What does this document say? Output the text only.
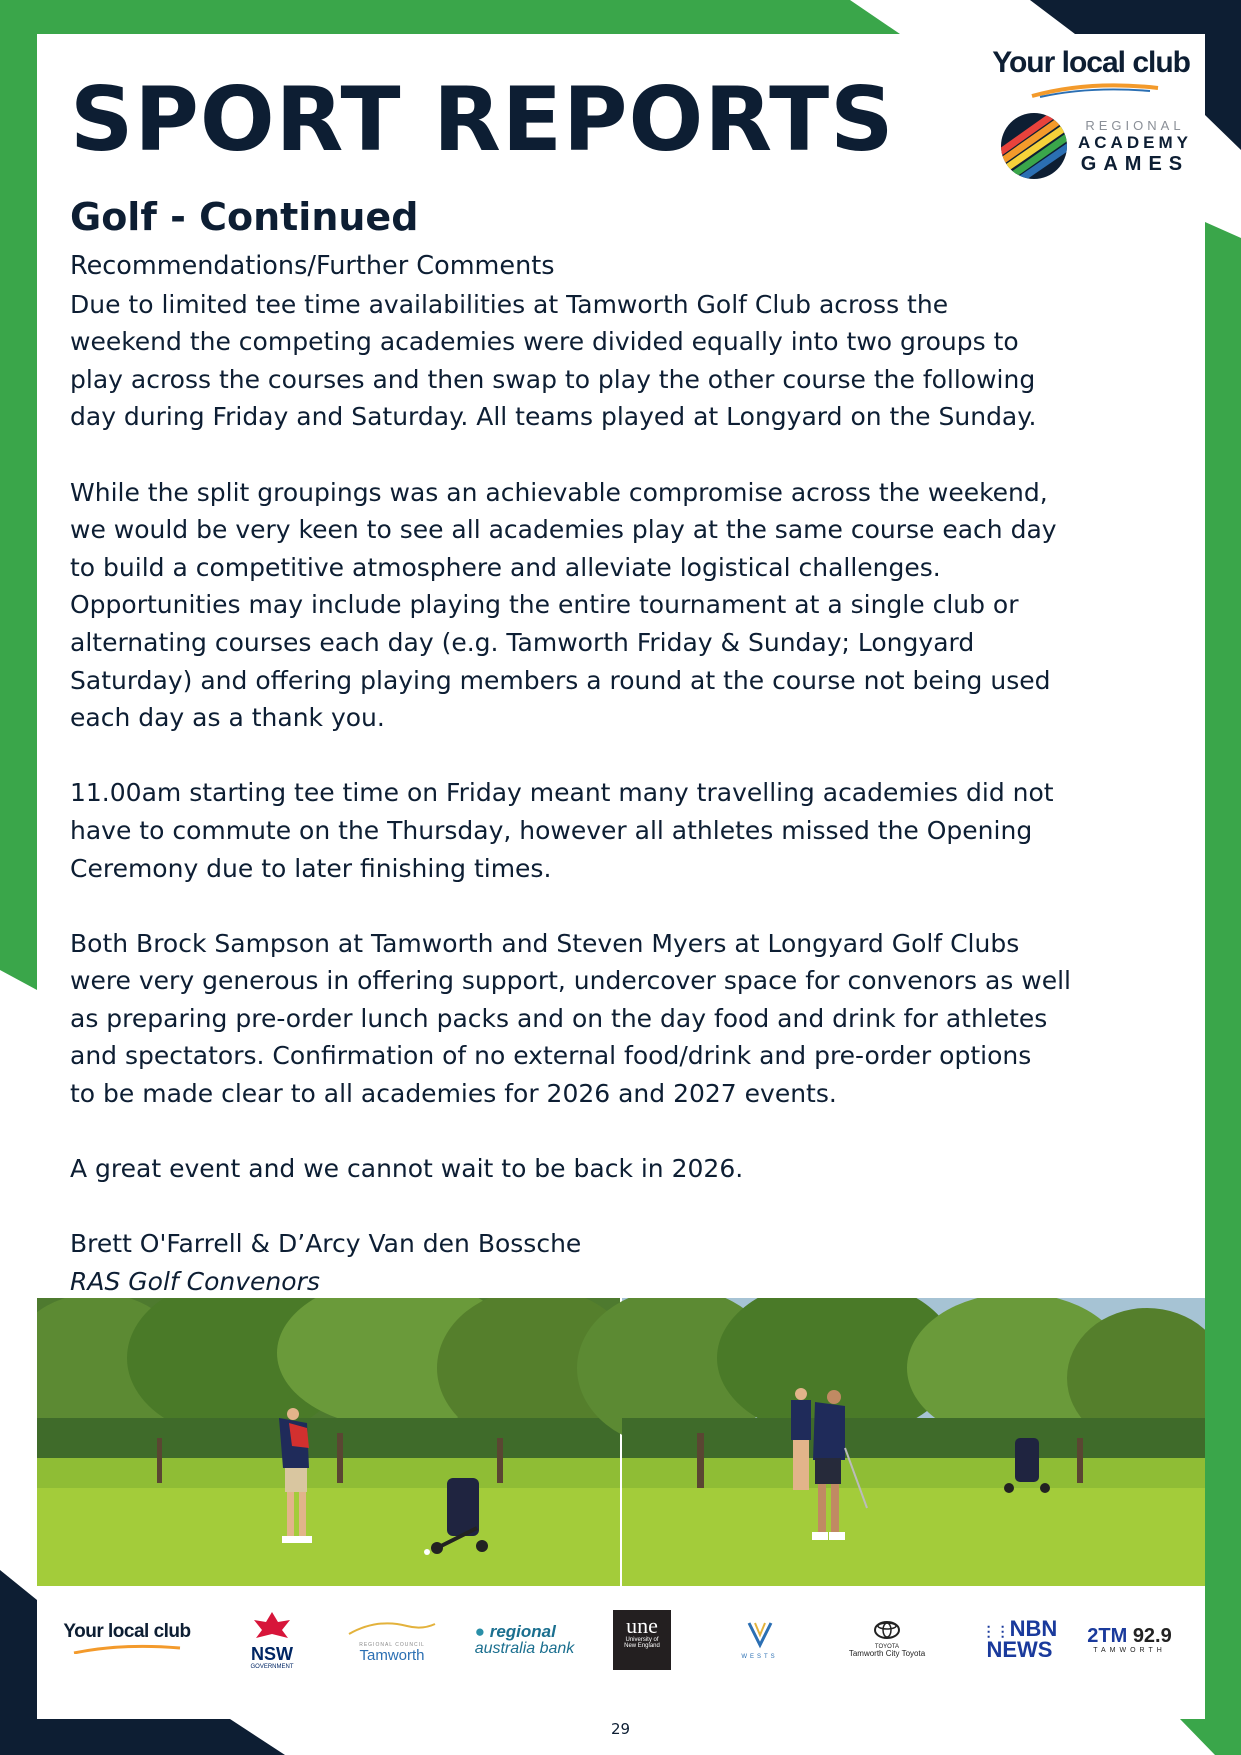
SPORT REPORTS
Golf - Continued

Recommendations/Further Comments

Due to limited tee time availabilities at Tamworth Golf Club across the
weekend the competing academies were divided equally into two groups to
play across the courses and then swap to play the other course the following
day during Friday and Saturday. All teams played at Longyard on the Sunday.

While the split groupings was an achievable compromise across the weekend,
we would be very keen to see all academies play at the same course each day
to build a competitive atmosphere and alleviate logistical challenges.
Opportunities may include playing the entire tournament at a single club or
alternating courses each day (e.g. Tamworth Friday & Sunday; Longyard
Saturday) and offering playing members a round at the course not being used
each day as a thank you.

11.00am starting tee time on Friday meant many travelling academies did not
have to commute on the Thursday, however all athletes missed the Opening
Ceremony due to later finishing times.

Both Brock Sampson at Tamworth and Steven Myers at Longyard Golf Clubs
were very generous in offering support, undercover space for convenors as well
as preparing pre-order lunch packs and on the day food and drink for athletes
and spectators. Confirmation of no external food/drink and pre-order options
to be made clear to all academies for 2026 and 2027 events.

A great event and we cannot wait to be back in 2026.

Brett O'Farrell & D’Arcy Van den Bossche

RAS Golf Convenors

Your local club
REGIONAL
ACADEMY
GAMES
Your local club
NSW
GOVERNMENT
REGIONAL COUNCIL
Tamworth
● regional
australia bank
une
University of
New England
WESTS
TOYOTA
Tamworth City Toyota
⋮⋮NBN
NEWS
2TM 92.9
TAMWORTH
29
